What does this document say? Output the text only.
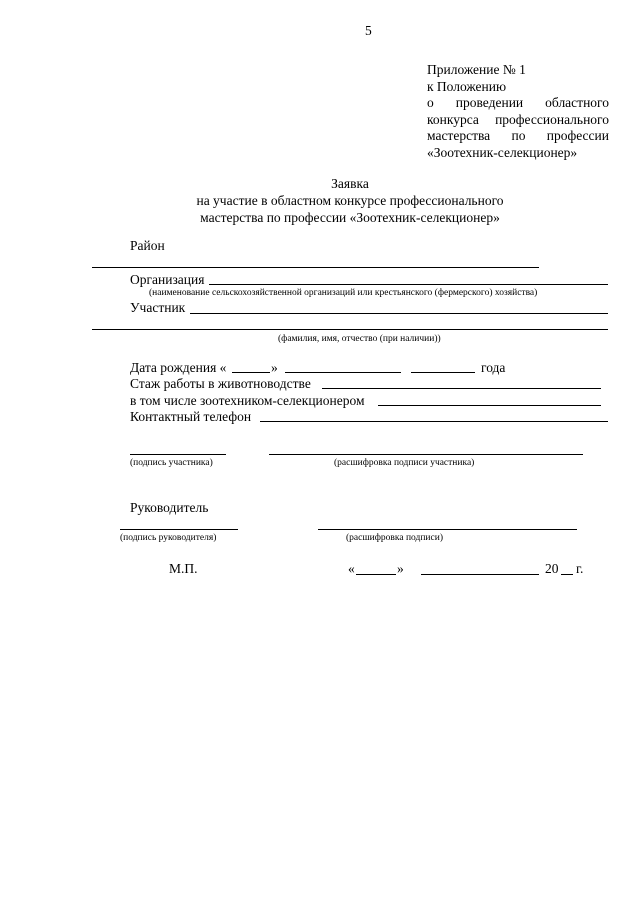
5
Приложение № 1
к Положению
о проведении областного
конкурса профессионального
мастерства по профессии
«Зоотехник-селекционер»
Заявка
на участие в областном конкурсе профессионального
мастерства по профессии «Зоотехник-селекционер»
Район
Организация
(наименование сельскохозяйственной организаций или крестьянского (фермерского) хозяйства)
Участник
(фамилия, имя, отчество (при наличии))
Дата рождения «	»	года
Стаж работы в животноводстве
в том числе зоотехником-селекционером
Контактный телефон
(подпись участника)	(расшифровка подписи участника)
Руководитель
(подпись руководителя)	(расшифровка подписи)
М.П.	«	»	20 г.
